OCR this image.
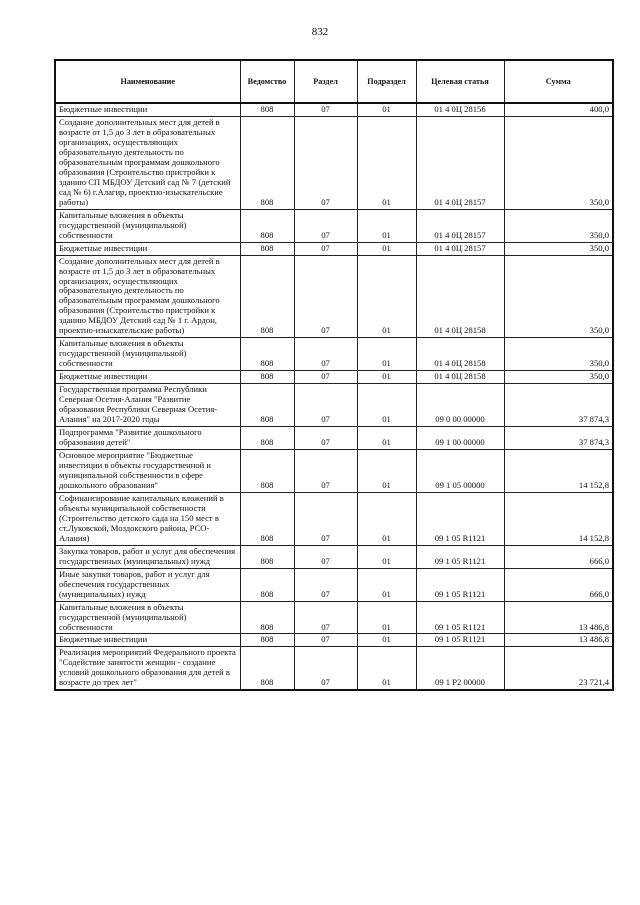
832
Наименование	Ведомство	Раздел	Подраздел	Целевая статья	Сумма
Бюджетные инвестиции	808	07	01	01 4 0Ц 28156	400,0
Создание дополнительных мест для детей в возрасте от 1,5 до 3 лет в образовательных организациях, осуществляющих образовательную деятельность по образовательным программам дошкольного образования (Строительство пристройки к зданию СП МБДОУ Детский сад № 7 (детский сад № 6) г.Алагир, проектно-изыскательские работы)	808	07	01	01 4 0Ц 28157	350,0
Капитальные вложения в объекты государственной (муниципальной) собственности	808	07	01	01 4 0Ц 28157	350,0
Бюджетные инвестиции	808	07	01	01 4 0Ц 28157	350,0
Создание дополнительных мест для детей в возрасте от 1,5 до 3 лет в образовательных организациях, осуществляющих образовательную деятельность по образовательным программам дошкольного образования (Строительство пристройки к зданию МБДОУ Детский сад № 1 г. Ардон, проектно-изыскательские работы)	808	07	01	01 4 0Ц 28158	350,0
Капитальные вложения в объекты государственной (муниципальной) собственности	808	07	01	01 4 0Ц 28158	350,0
Бюджетные инвестиции	808	07	01	01 4 0Ц 28158	350,0
Государственная программа Республики Северная Осетия-Алания "Развитие образования Республики Северная Осетия-Алания" на 2017-2020 годы	808	07	01	09 0 00 00000	37 874,3
Подпрограмма "Развитие дошкольного образования детей"	808	07	01	09 1 00 00000	37 874,3
Основное мероприятие "Бюджетные инвестиции в объекты государственной и муниципальной собственности в сфере дошкольного образования"	808	07	01	09 1 05 00000	14 152,8
Софинансирование капитальных вложений в объекты муниципальной собственности (Строительство детского сада на 150 мест в ст.Луковской, Моздокского района, РСО-Алания)	808	07	01	09 1 05 R1121	14 152,8
Закупка товаров, работ и услуг для обеспечения государственных (муниципальных) нужд	808	07	01	09 1 05 R1121	666,0
Иные закупки товаров, работ и услуг для обеспечения государственных (муниципальных) нужд	808	07	01	09 1 05 R1121	666,0
Капитальные вложения в объекты государственной (муниципальной) собственности	808	07	01	09 1 05 R1121	13 486,8
Бюджетные инвестиции	808	07	01	09 1 05 R1121	13 486,8
Реализация мероприятий Федерального проекта "Содействие занятости женщин - создание условий дошкольного образования для детей в возрасте до трех лет"	808	07	01	09 1 P2 00000	23 721,4
